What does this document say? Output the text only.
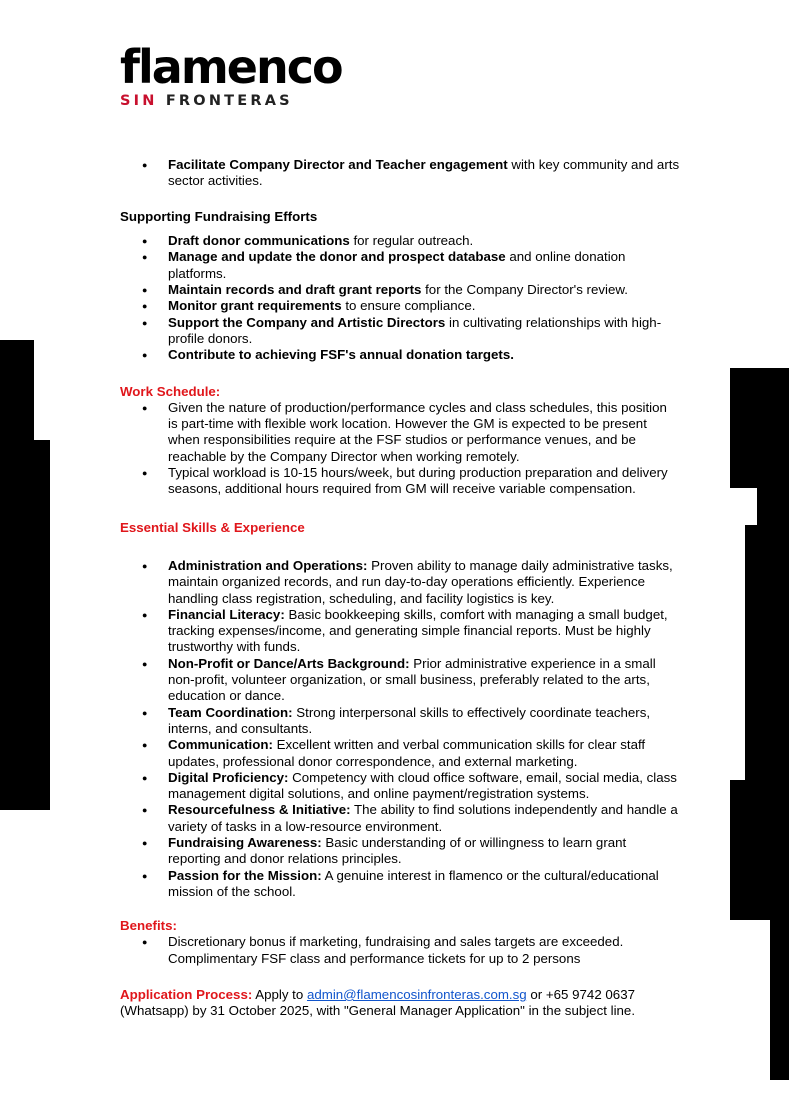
flamenco
SIN FRONTERAS
● Facilitate Company Director and Teacher engagement with key community and arts sector activities.
Supporting Fundraising Efforts
● Draft donor communications for regular outreach.
● Manage and update the donor and prospect database and online donation platforms.
● Maintain records and draft grant reports for the Company Director's review.
● Monitor grant requirements to ensure compliance.
● Support the Company and Artistic Directors in cultivating relationships with high-profile donors.
● Contribute to achieving FSF's annual donation targets.
Work Schedule:
● Given the nature of production/performance cycles and class schedules, this position is part-time with flexible work location. However the GM is expected to be present when responsibilities require at the FSF studios or performance venues, and be reachable by the Company Director when working remotely.
● Typical workload is 10-15 hours/week, but during production preparation and delivery seasons, additional hours required from GM will receive variable compensation.
Essential Skills & Experience
● Administration and Operations: Proven ability to manage daily administrative tasks, maintain organized records, and run day-to-day operations efficiently. Experience handling class registration, scheduling, and facility logistics is key.
● Financial Literacy: Basic bookkeeping skills, comfort with managing a small budget, tracking expenses/income, and generating simple financial reports. Must be highly trustworthy with funds.
● Non-Profit or Dance/Arts Background: Prior administrative experience in a small non-profit, volunteer organization, or small business, preferably related to the arts, education or dance.
● Team Coordination: Strong interpersonal skills to effectively coordinate teachers, interns, and consultants.
● Communication: Excellent written and verbal communication skills for clear staff updates, professional donor correspondence, and external marketing.
● Digital Proficiency: Competency with cloud office software, email, social media, class management digital solutions, and online payment/registration systems.
● Resourcefulness & Initiative: The ability to find solutions independently and handle a variety of tasks in a low-resource environment.
● Fundraising Awareness: Basic understanding of or willingness to learn grant reporting and donor relations principles.
● Passion for the Mission: A genuine interest in flamenco or the cultural/educational mission of the school.
Benefits:
● Discretionary bonus if marketing, fundraising and sales targets are exceeded.
Complimentary FSF class and performance tickets for up to 2 persons
Application Process: Apply to admin@flamencosinfronteras.com.sg or +65 9742 0637 (Whatsapp) by 31 October 2025, with "General Manager Application" in the subject line.
